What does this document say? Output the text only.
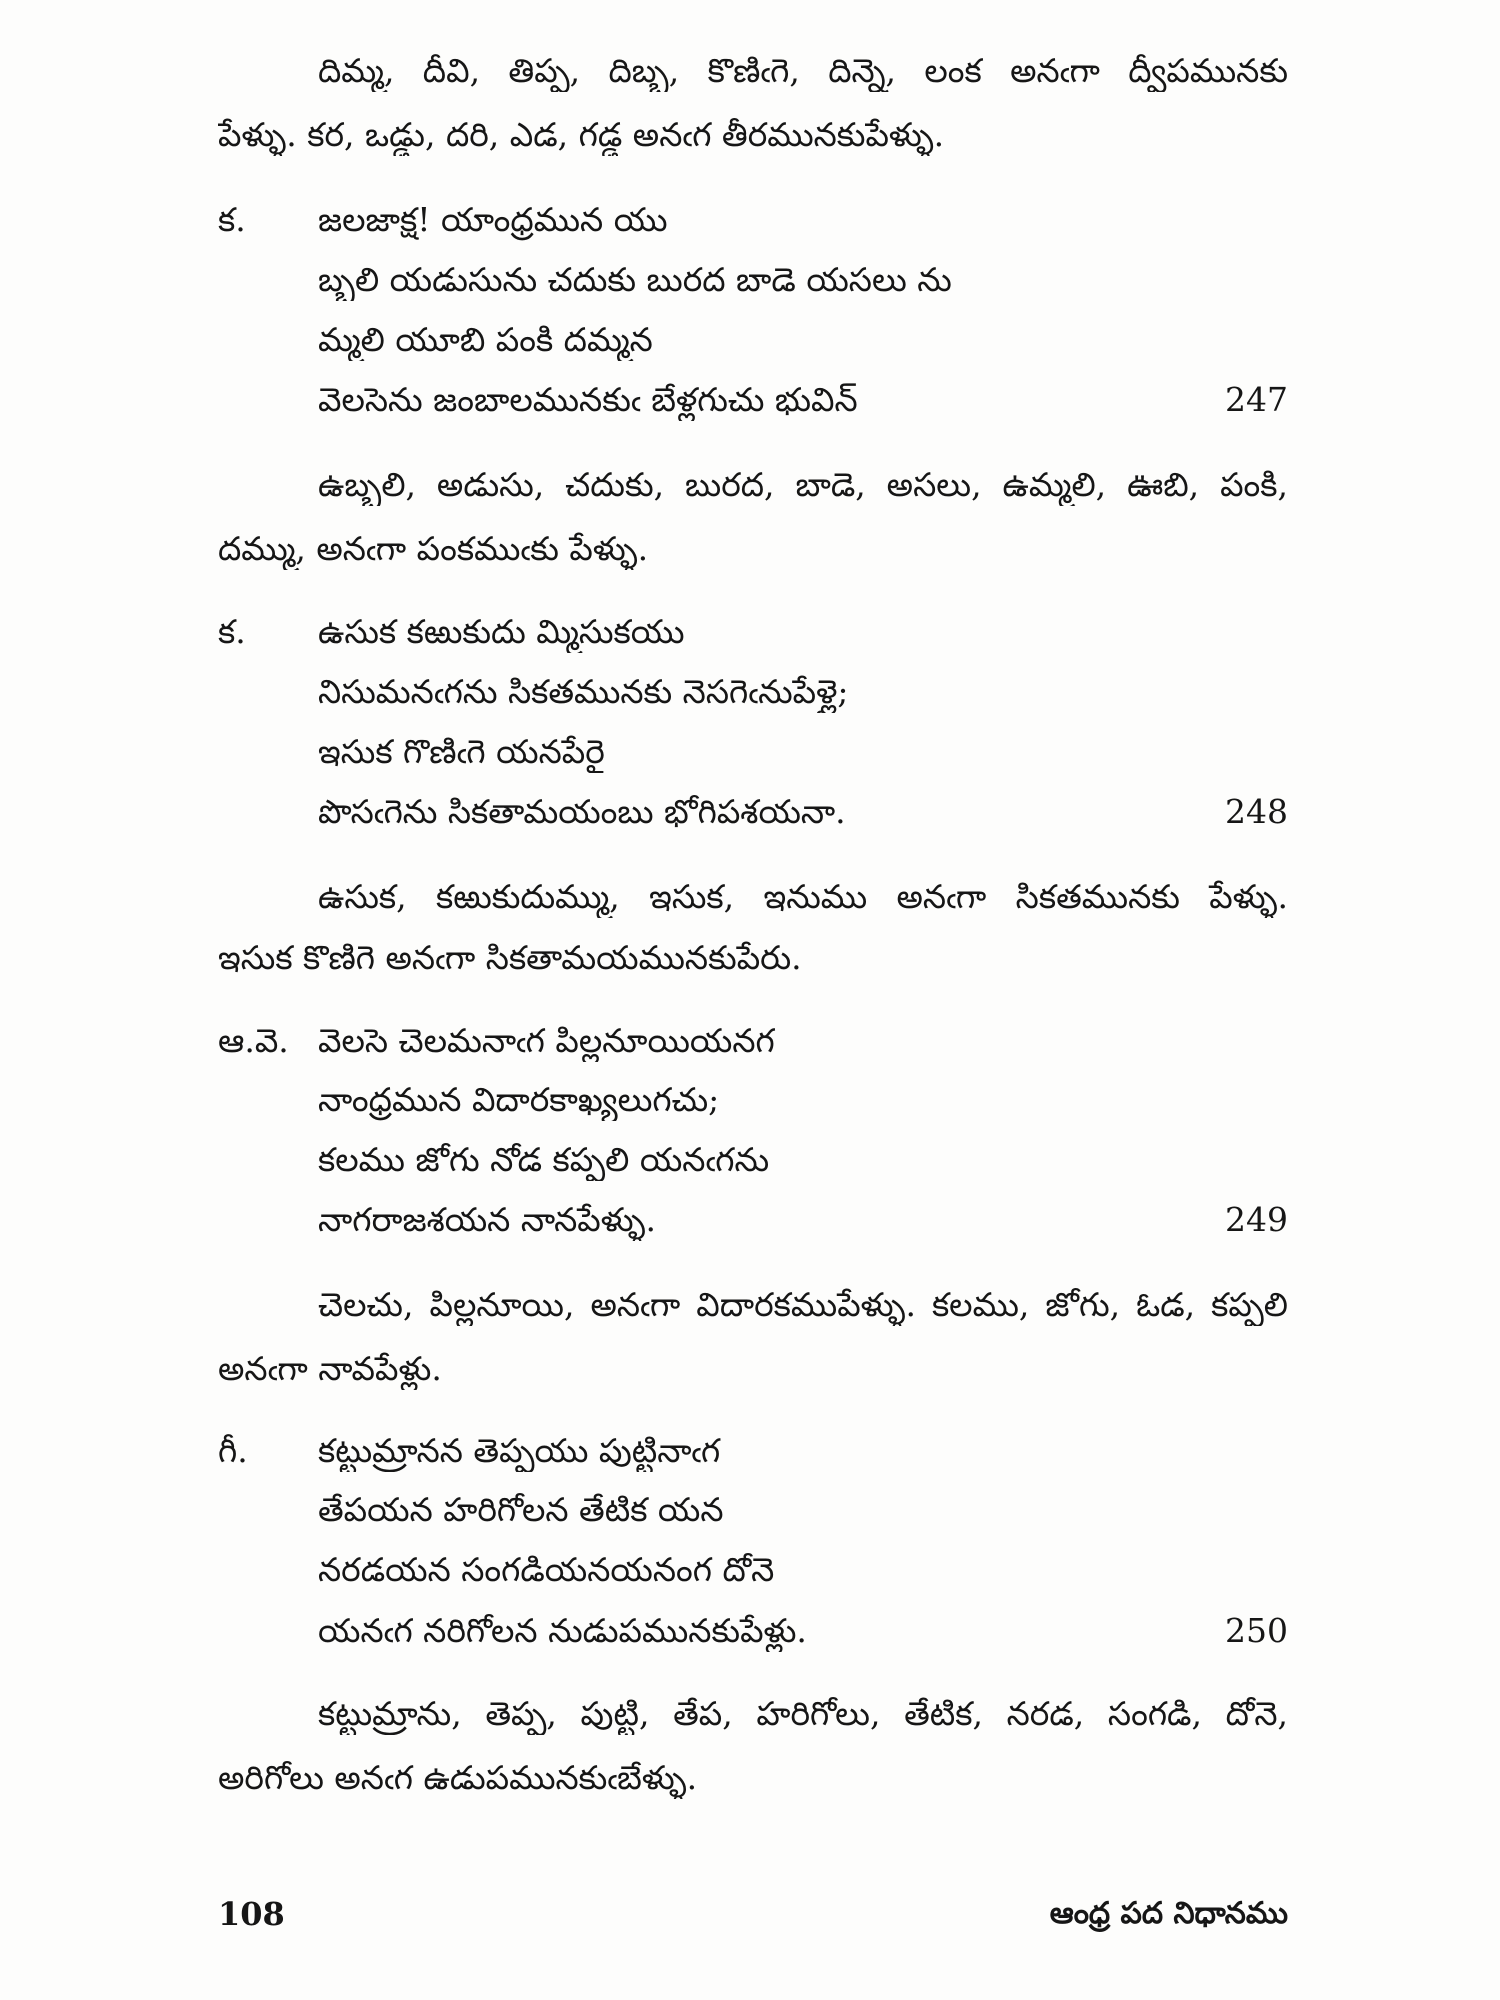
దిమ్మ, దీవి, తిప్ప, దిబ్బ, కొణిఁగె, దిన్నె, లంక అనఁగా ద్వీపమునకు
పేళ్ళు. కర, ఒడ్డు, దరి, ఎడ, గడ్డ అనఁగ తీరమునకుపేళ్ళు.
క.	జలజాక్ష! యాంధ్రమున యు
బ్బలి యడుసును చదుకు బురద బాడె యసలు ను
మ్మలి యూబి పంకి దమ్మన
వెలసెను జంబాలమునకుఁ బేళ్లగుచు భువిన్	247
ఉబ్బలి, అడుసు, చదుకు, బురద, బాడె, అసలు, ఉమ్మలి, ఊబి, పంకి,
దమ్ము, అనఁగా పంకముఁకు పేళ్ళు.
క.	ఉసుక కఱుకుదు మ్మిసుకయు
నిసుమనఁగను సికతమునకు నెసగెఁనుపేళ్లై;
ఇసుక గొణిఁగె యనపేరై
పొసఁగెను సికతామయంబు భోగిపశయనా.	248
ఉసుక, కఱుకుదుమ్ము, ఇసుక, ఇనుము అనఁగా సికతమునకు పేళ్ళు.
ఇసుక కొణిగె అనఁగా సికతామయమునకుపేరు.
ఆ.వె. వెలసె చెలమనాఁగ పిల్లనూయియనగ
నాంధ్రమున విదారకాఖ్యలుగచు;
కలము జోగు నోడ కప్పలి యనఁగను
నాగరాజశయన నానపేళ్ళు.	249
చెలచు, పిల్లనూయి, అనఁగా విదారకముపేళ్ళు. కలము, జోగు, ఓడ, కప్పలి
అనఁగా నావపేళ్లు.
గీ.	కట్టుమ్రానన తెప్పయు పుట్టినాఁగ
తేపయన హరిగోలన తేటిక యన
నరడయన సంగడియనయనంగ దోనె
యనఁగ నరిగోలన నుడుపమునకుపేళ్లు.	250
కట్టుమ్రాను, తెప్ప, పుట్టి, తేప, హరిగోలు, తేటిక, నరడ, సంగడి, దోనె,
అరిగోలు అనఁగ ఉడుపమునకుఁబేళ్ళు.
108	ఆంధ్ర పద నిధానము
